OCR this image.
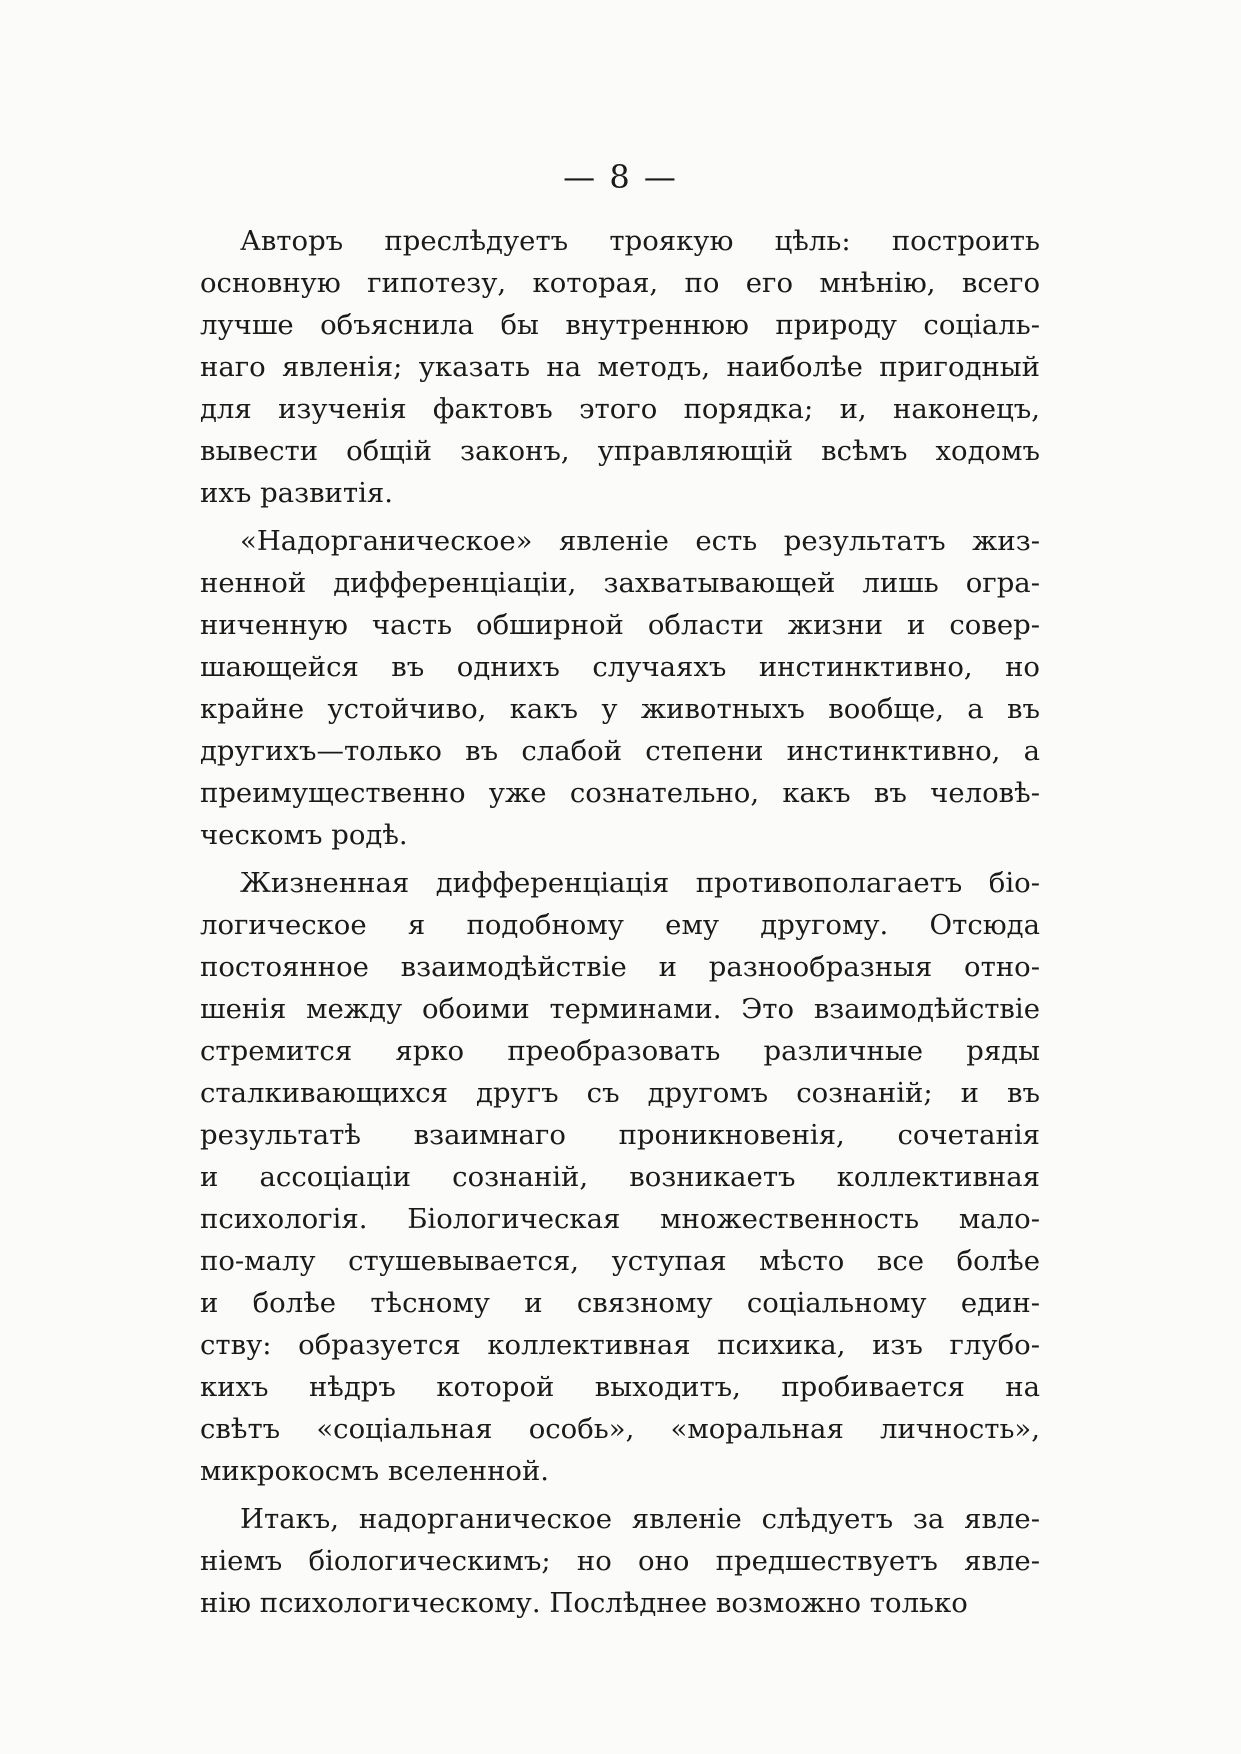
— 8 —
Авторъ преслѣдуетъ троякую цѣль: построить
основную гипотезу, которая, по его мнѣнію, всего
лучше объяснила бы внутреннюю природу соціаль-
наго явленія; указать на методъ, наиболѣе пригодный
для изученія фактовъ этого порядка; и, наконецъ,
вывести общій законъ, управляющій всѣмъ ходомъ
ихъ развитія.
«Надорганическое» явленіе есть результатъ жиз-
ненной дифференціаціи, захватывающей лишь огра-
ниченную часть обширной области жизни и совер-
шающейся въ однихъ случаяхъ инстинктивно, но
крайне устойчиво, какъ у животныхъ вообще, а въ
другихъ—только въ слабой степени инстинктивно, а
преимущественно уже сознательно, какъ въ человѣ-
ческомъ родѣ.
Жизненная дифференціація противополагаетъ біо-
логическое я подобному ему другому. Отсюда
постоянное взаимодѣйствіе и разнообразныя отно-
шенія между обоими терминами. Это взаимодѣйствіе
стремится ярко преобразовать различные ряды
сталкивающихся другъ съ другомъ сознаній; и въ
результатѣ взаимнаго проникновенія, сочетанія
и ассоціаціи сознаній, возникаетъ коллективная
психологія. Біологическая множественность мало-
по-малу стушевывается, уступая мѣсто все болѣе
и болѣе тѣсному и связному соціальному един-
ству: образуется коллективная психика, изъ глубо-
кихъ нѣдръ которой выходитъ, пробивается на
свѣтъ «соціальная особь», «моральная личность»,
микрокосмъ вселенной.
Итакъ, надорганическое явленіе слѣдуетъ за явле-
ніемъ біологическимъ; но оно предшествуетъ явле-
нію психологическому. Послѣднее возможно только
